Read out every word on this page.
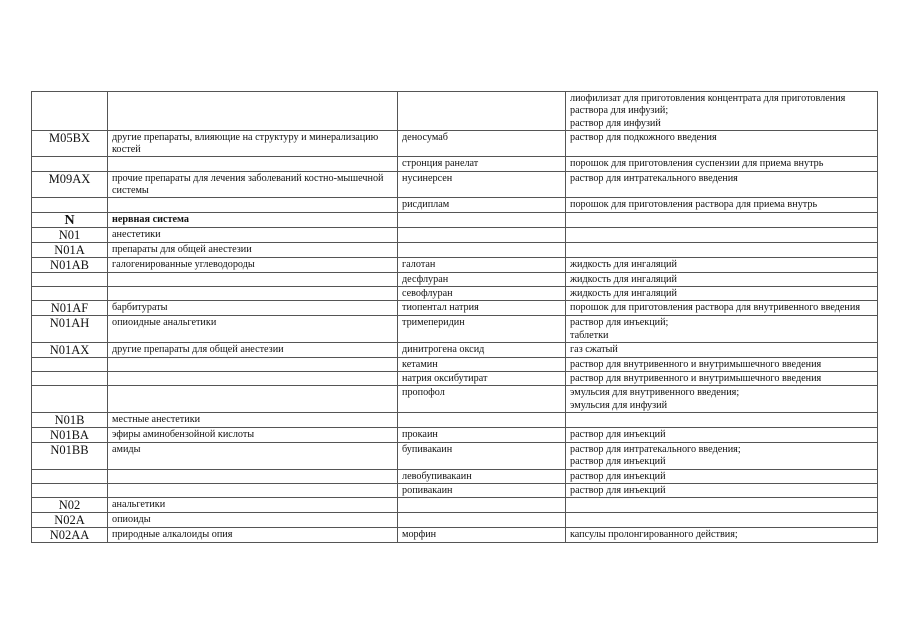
			лиофилизат для приготовления концентрата для приготовления раствора для инфузий;
раствор для инфузий

M05BX	другие препараты, влияющие на структуру и минерализацию костей	деносумаб	раствор для подкожного введения

		стронция ранелат	порошок для приготовления суспензии для приема внутрь

M09AX	прочие препараты для лечения заболеваний костно-мышечной системы	нусинерсен	раствор для интратекального введения

		рисдиплам	порошок для приготовления раствора для приема внутрь

N	нервная система		
N01	анестетики		
N01A	препараты для общей анестезии		
N01AB	галогенированные углеводороды	галотан	жидкость для ингаляций

		десфлуран	жидкость для ингаляций

		севофлуран	жидкость для ингаляций

N01AF	барбитураты	тиопентал натрия	порошок для приготовления раствора для внутривенного введения

N01AH	опиоидные анальгетики	тримеперидин	раствор для инъекций;
таблетки

N01AX	другие препараты для общей анестезии	динитрогена оксид	газ сжатый

		кетамин	раствор для внутривенного и внутримышечного введения

		натрия оксибутират	раствор для внутривенного и внутримышечного введения

		пропофол	эмульсия для внутривенного введения;
эмульсия для инфузий

N01B	местные анестетики		
N01BA	эфиры аминобензойной кислоты	прокаин	раствор для инъекций

N01BB	амиды	бупивакаин	раствор для интратекального введения;
раствор для инъекций

		левобупивакаин	раствор для инъекций

		ропивакаин	раствор для инъекций

N02	анальгетики		
N02A	опиоиды		
N02AA	природные алкалоиды опия	морфин	капсулы пролонгированного действия;
